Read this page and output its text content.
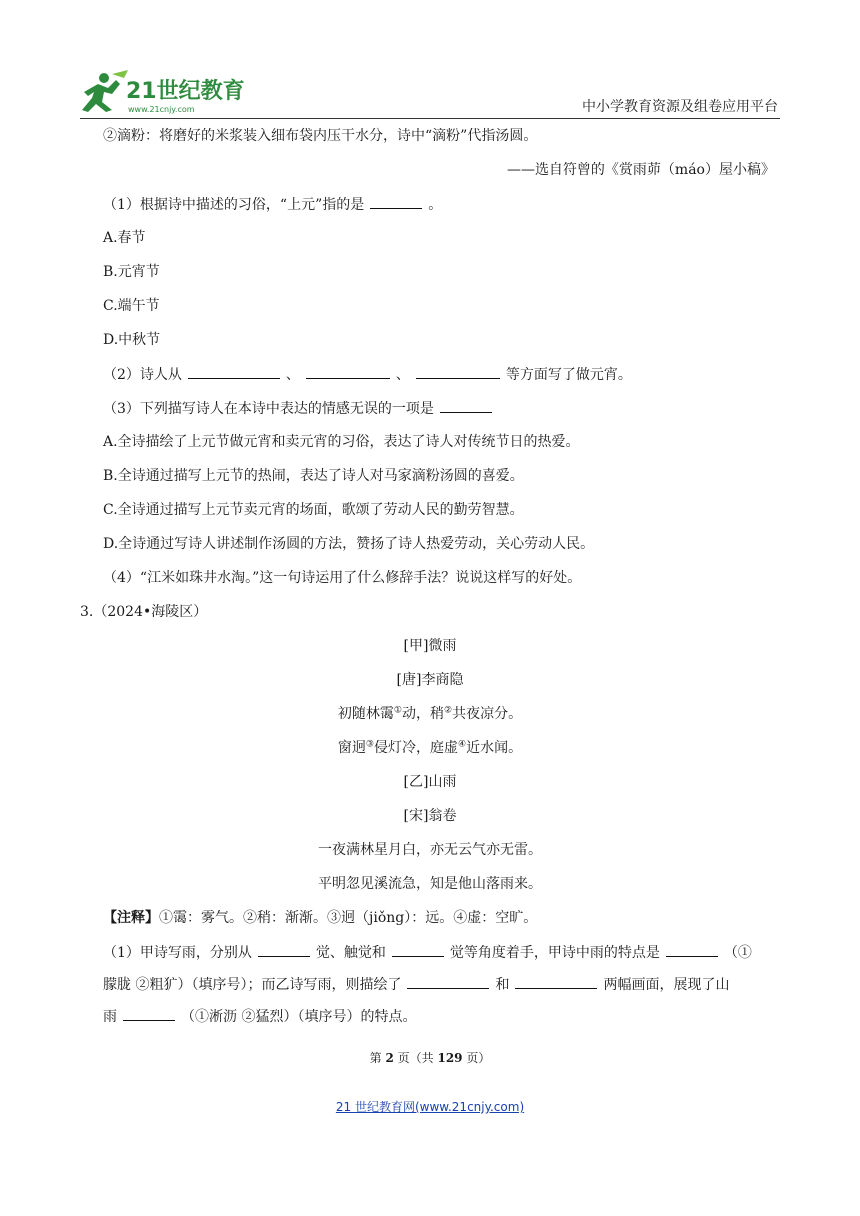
21世纪教育
www.21cnjy.com	中小学教育资源及组卷应用平台
②滴粉：将磨好的米浆装入细布袋内压干水分，诗中“滴粉”代指汤圆。
——选自符曾的《赏雨茆（máo）屋小稿》
（1）根据诗中描述的习俗，“上元”指的是	。
A.春节
B.元宵节
C.端午节
D.中秋节
（2）诗人从	、	、	等方面写了做元宵。
（3）下列描写诗人在本诗中表达的情感无误的一项是
A.全诗描绘了上元节做元宵和卖元宵的习俗，表达了诗人对传统节日的热爱。
B.全诗通过描写上元节的热闹，表达了诗人对马家滴粉汤圆的喜爱。
C.全诗通过描写上元节卖元宵的场面，歌颂了劳动人民的勤劳智慧。
D.全诗通过写诗人讲述制作汤圆的方法，赞扬了诗人热爱劳动，关心劳动人民。
（4）“江米如珠井水淘。”这一句诗运用了什么修辞手法？说说这样写的好处。
3.（2024•海陵区）
[甲]微雨
[唐]李商隐
初随林霭①动，稍②共夜凉分。
窗迥③侵灯冷，庭虚④近水闻。
[乙]山雨
[宋]翁卷
一夜满林星月白，亦无云气亦无雷。
平明忽见溪流急，知是他山落雨来。
【注释】①霭：雾气。②稍：渐渐。③迥（jiǒng）：远。④虚：空旷。
（1）甲诗写雨，分别从	觉、触觉和	觉等角度着手，甲诗中雨的特点是	（①
朦胧 ②粗犷）（填序号）；而乙诗写雨，则描绘了	和	两幅画面，展现了山
雨	（①淅沥 ②猛烈）（填序号）的特点。
第 2 页（共 129 页）
21 世纪教育网(www.21cnjy.com)
